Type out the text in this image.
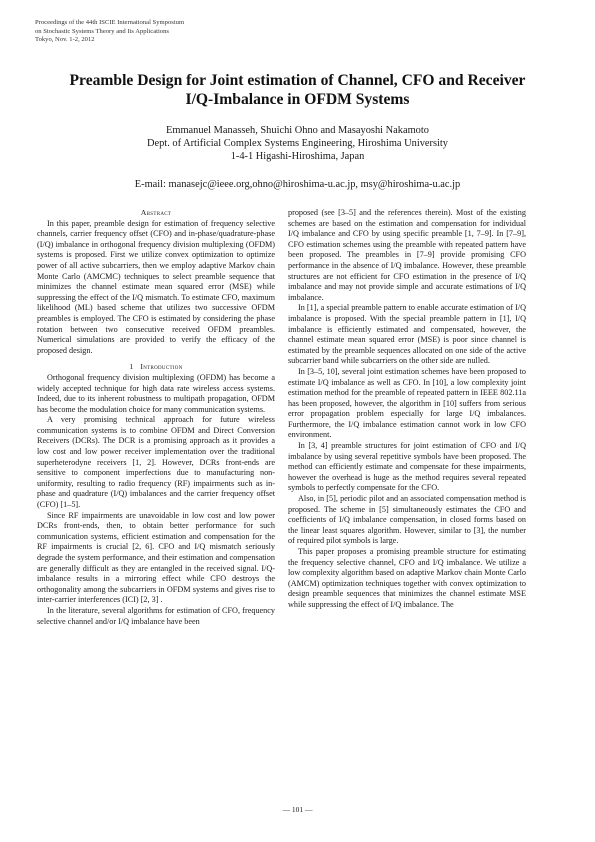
Proceedings of the 44th ISCIE International Symposium
on Stochastic Systems Theory and Its Applications
Tokyo, Nov. 1-2, 2012
Preamble Design for Joint estimation of Channel, CFO and Receiver
I/Q-Imbalance in OFDM Systems
Emmanuel Manasseh, Shuichi Ohno and Masayoshi Nakamoto
Dept. of Artificial Complex Systems Engineering, Hiroshima University
1-4-1 Higashi-Hiroshima, Japan
E-mail: manasejc@ieee.org,ohno@hiroshima-u.ac.jp, msy@hiroshima-u.ac.jp

Abstract

In this paper, preamble design for estimation of frequency selective channels, carrier frequency offset (CFO) and in-phase/quadrature-phase (I/Q) imbalance in orthogonal frequency division multiplexing (OFDM) systems is proposed. First we utilize convex optimization to optimize power of all active subcarriers, then we employ adaptive Markov chain Monte Carlo (AMCMC) techniques to select preamble sequence that minimizes the channel estimate mean squared error (MSE) while suppressing the effect of the I/Q mismatch. To estimate CFO, maximum likelihood (ML) based scheme that utilizes two successive OFDM preambles is employed. The CFO is estimated by considering the phase rotation between two consecutive received OFDM preambles. Numerical simulations are provided to verify the efficacy of the proposed design.

1 Introduction

Orthogonal frequency division multiplexing (OFDM) has become a widely accepted technique for high data rate wireless access systems. Indeed, due to its inherent robustness to multipath propagation, OFDM has become the modulation choice for many communication systems.

A very promising technical approach for future wireless communication systems is to combine OFDM and Direct Conversion Receivers (DCRs). The DCR is a promising approach as it provides a low cost and low power receiver implementation over the traditional superheterodyne receivers [1, 2]. However, DCRs front-ends are sensitive to component imperfections due to manufacturing non-uniformity, resulting to radio frequency (RF) impairments such as in-phase and quadrature (I/Q) imbalances and the carrier frequency offset (CFO) [1–5].

Since RF impairments are unavoidable in low cost and low power DCRs front-ends, then, to obtain better performance for such communication systems, efficient estimation and compensation for the RF impairments is crucial [2, 6]. CFO and I/Q mismatch seriously degrade the system performance, and their estimation and compensation are generally difficult as they are entangled in the received signal. I/Q-imbalance results in a mirroring effect while CFO destroys the orthogonality among the subcarriers in OFDM systems and gives rise to inter-carrier interferences (ICI) [2, 3] .

In the literature, several algorithms for estimation of CFO, frequency selective channel and/or I/Q imbalance have been

proposed (see [3–5] and the references therein). Most of the existing schemes are based on the estimation and compensation for individual I/Q imbalance and CFO by using specific preamble [1, 7–9]. In [7–9], CFO estimation schemes using the preamble with repeated pattern have been proposed. The preambles in [7–9] provide promising CFO performance in the absence of I/Q imbalance. However, these preamble structures are not efficient for CFO estimation in the presence of I/Q imbalance and may not provide simple and accurate estimations of I/Q imbalance.

In [1], a special preamble pattern to enable accurate estimation of I/Q imbalance is proposed. With the special preamble pattern in [1], I/Q imbalance is efficiently estimated and compensated, however, the channel estimate mean squared error (MSE) is poor since channel is estimated by the preamble sequences allocated on one side of the active subcarrier band while subcarriers on the other side are nulled.

In [3–5, 10], several joint estimation schemes have been proposed to estimate I/Q imbalance as well as CFO. In [10], a low complexity joint estimation method for the preamble of repeated pattern in IEEE 802.11a has been proposed, however, the algorithm in [10] suffers from serious error propagation problem especially for large I/Q imbalances. Furthermore, the I/Q imbalance estimation cannot work in low CFO environment.

In [3, 4] preamble structures for joint estimation of CFO and I/Q imbalance by using several repetitive symbols have been proposed. The method can efficiently estimate and compensate for these impairments, however the overhead is huge as the method requires several repeated symbols to perfectly compensate for the CFO.

Also, in [5], periodic pilot and an associated compensation method is proposed. The scheme in [5] simultaneously estimates the CFO and coefficients of I/Q imbalance compensation, in closed forms based on the linear least squares algorithm. However, similar to [3], the number of required pilot symbols is large.

This paper proposes a promising preamble structure for estimating the frequency selective channel, CFO and I/Q imbalance. We utilize a low complexity algorithm based on adaptive Markov chain Monte Carlo (AMCM) optimization techniques together with convex optimization to design preamble sequences that minimizes the channel estimate MSE while suppressing the effect of I/Q imbalance. The

— 101 —
